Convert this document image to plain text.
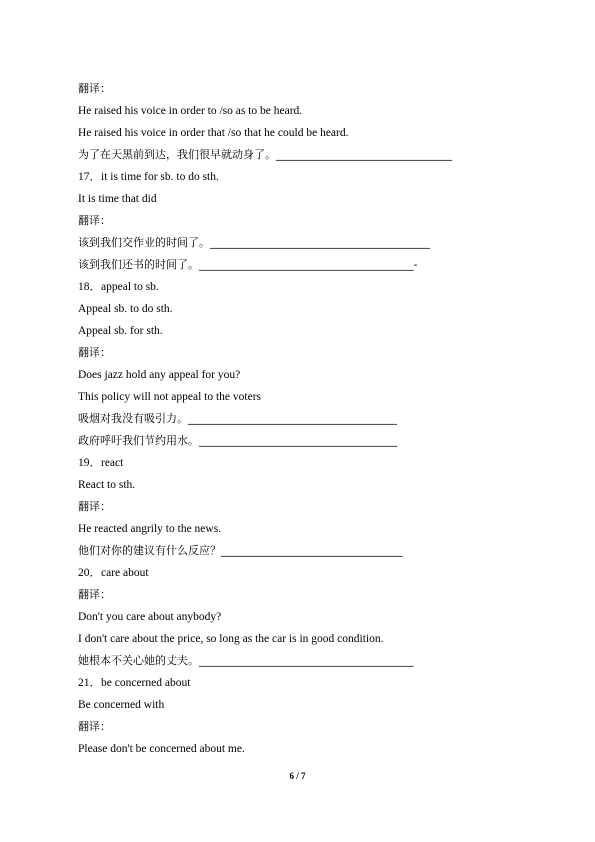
翻译：
He raised his voice in order to /so as to be heard.
He raised his voice in order that /so that he could be heard.
为了在天黑前到达，我们很早就动身了。________________________________
17．it is time for sb. to do sth.
It is time that did
翻译：
该到我们交作业的时间了。________________________________________
该到我们还书的时间了。_______________________________________-
18．appeal to sb.
Appeal sb. to do sth.
Appeal sb. for sth.
翻译：
Does jazz hold any appeal for you?
This policy will not appeal to the voters
吸烟对我没有吸引力。______________________________________
政府呼吁我们节约用水。____________________________________
19．react
React to sth.
翻译：
He reacted angrily to the news.
他们对你的建议有什么反应？_________________________________
20．care about
翻译：
Don't you care about anybody?
I don't care about the price, so long as the car is in good condition.
她根本不关心她的丈夫。_______________________________________
21．be concerned about
Be concerned with
翻译：
Please don't be concerned about me.
6 / 7
